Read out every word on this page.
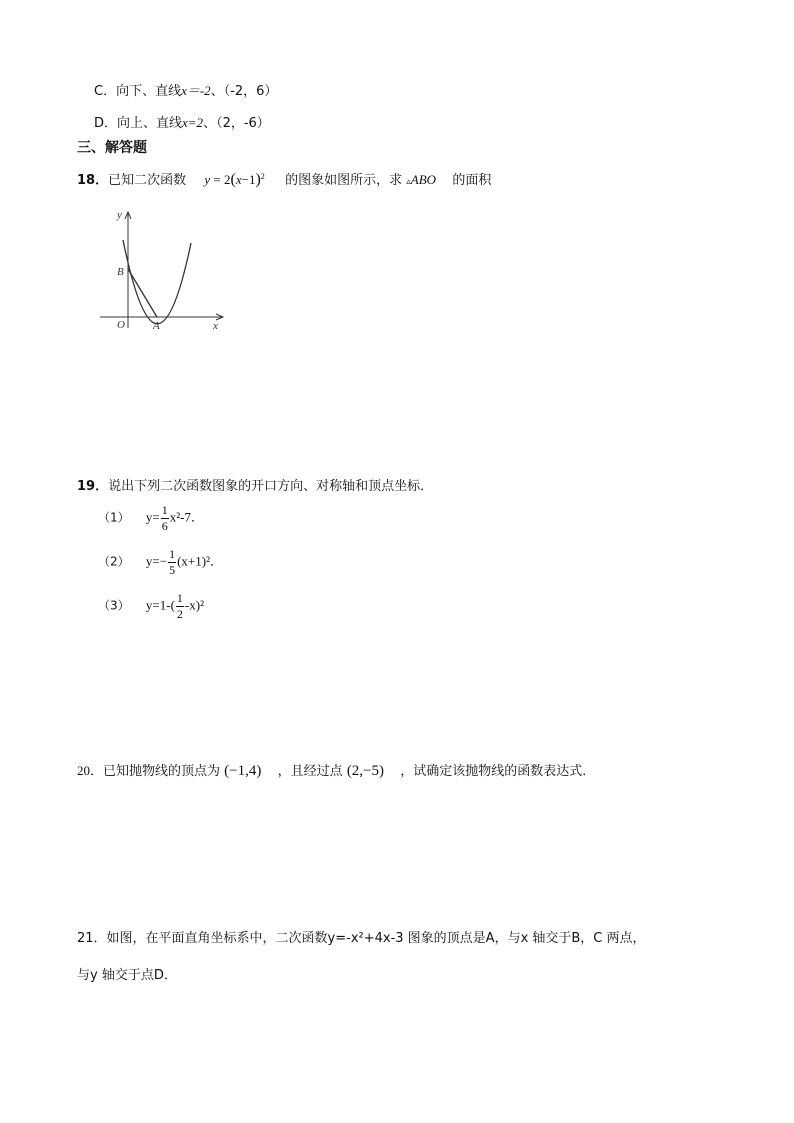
C．向下、直线x＝-2、（-2，6）
D．向上、直线x=2、（2，-6）
三、解答题
18．已知二次函数 $y = 2(x-1)^2$ 的图象如图所示，求 ▵ABO 的面积
y
B
O	A	x
19．说出下列二次函数图象的开口方向、对称轴和顶点坐标．
（1） $y= \frac{1}{6} x^2-7$．
（2） $y=- \frac{1}{5} (x+1)^2$．
（3） $y=1-( \frac{1}{2} -x)^2$
20．已知抛物线的顶点为 (−1,4) ，且经过点 (2,−5) ，试确定该抛物线的函数表达式．
21．如图，在平面直角坐标系中，二次函数y=-x²+4x-3 图象的顶点是A，与x 轴交于B，C 两点，
与y 轴交于点D．
